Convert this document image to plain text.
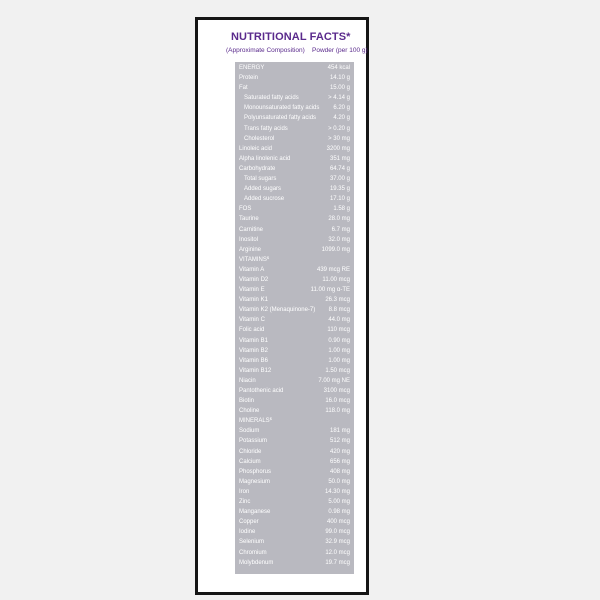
NUTRITIONAL FACTS*
(Approximate Composition) Powder (per 100 g)
ENERGY	454 kcal
Protein	14.10 g
Fat	15.00 g
Saturated fatty acids	> 4.14 g
Monounsaturated fatty acids 6.20 g
Polyunsaturated fatty acids	4.20 g
Trans fatty acids	> 0.20 g
Cholesterol	> 30 mg
Linoleic acid	3200 mg
Alpha linolenic acid	351 mg
Carbohydrate	64.74 g
Total sugars	37.00 g
Added sugars	19.35 g
Added sucrose	17.10 g
FOS	1.58 g
Taurine	28.0 mg
Carnitine	6.7 mg
Inositol	32.0 mg
Arginine	1099.0 mg
VITAMINS$
Vitamin A	439 mcg RE
Vitamin D2	11.00 mcg
Vitamin E	11.00 mg α-TE
Vitamin K1	26.3 mcg
Vitamin K2 (Menaquinone-7) 8.8 mcg
Vitamin C	44.0 mg
Folic acid	110 mcg
Vitamin B1	0.90 mg
Vitamin B2	1.00 mg
Vitamin B6	1.00 mg
Vitamin B12	1.50 mcg
Niacin	7.00 mg NE
Pantothenic acid	3100 mcg
Biotin	16.0 mcg
Choline	118.0 mg
MINERALS$
Sodium	181 mg
Potassium	512 mg
Chloride	420 mg
Calcium	656 mg
Phosphorus	408 mg
Magnesium	50.0 mg
Iron	14.30 mg
Zinc	5.00 mg
Manganese	0.98 mg
Copper	400 mcg
Iodine	99.0 mcg
Selenium	32.9 mcg
Chromium	12.0 mcg
Molybdenum	19.7 mcg
